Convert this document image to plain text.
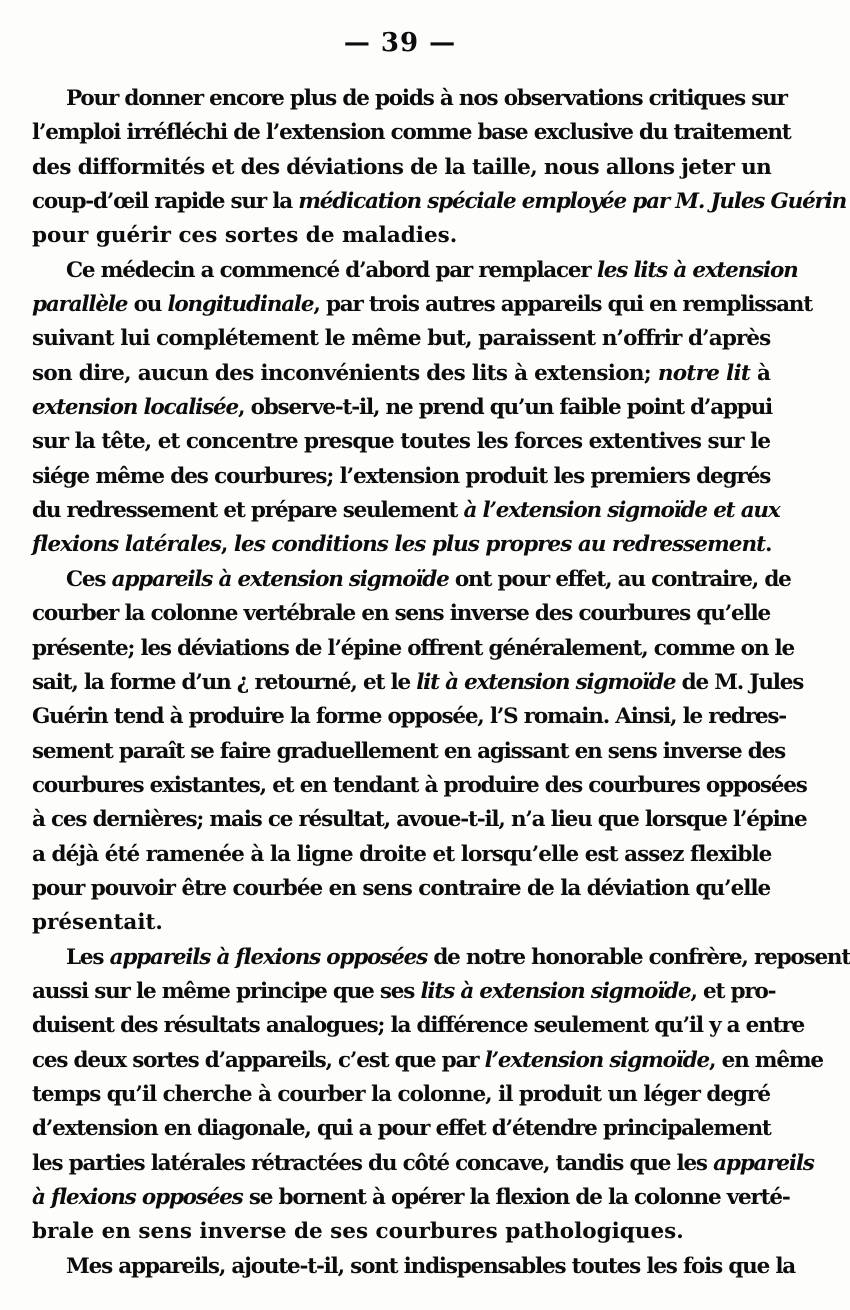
— 39 —
Pour donner encore plus de poids à nos observations critiques sur
l’emploi irréfléchi de l’extension comme base exclusive du traitement
des difformités et des déviations de la taille, nous allons jeter un
coup-d’œil rapide sur la médication spéciale employée par M. Jules Guérin
pour guérir ces sortes de maladies.
Ce médecin a commencé d’abord par remplacer les lits à extension
parallèle ou longitudinale, par trois autres appareils qui en remplissant
suivant lui complétement le même but, paraissent n’offrir d’après
son dire, aucun des inconvénients des lits à extension; notre lit à
extension localisée, observe-t-il, ne prend qu’un faible point d’appui
sur la tête, et concentre presque toutes les forces extentives sur le
siége même des courbures; l’extension produit les premiers degrés
du redressement et prépare seulement à l’extension sigmoïde et aux
flexions latérales, les conditions les plus propres au redressement.
Ces appareils à extension sigmoïde ont pour effet, au contraire, de
courber la colonne vertébrale en sens inverse des courbures qu’elle
présente; les déviations de l’épine offrent généralement, comme on le
sait, la forme d’un ¿ retourné, et le lit à extension sigmoïde de M. Jules
Guérin tend à produire la forme opposée, l’S romain. Ainsi, le redres-
sement paraît se faire graduellement en agissant en sens inverse des
courbures existantes, et en tendant à produire des courbures opposées
à ces dernières; mais ce résultat, avoue-t-il, n’a lieu que lorsque l’épine
a déjà été ramenée à la ligne droite et lorsqu’elle est assez flexible
pour pouvoir être courbée en sens contraire de la déviation qu’elle
présentait.
Les appareils à flexions opposées de notre honorable confrère, reposent
aussi sur le même principe que ses lits à extension sigmoïde, et pro-
duisent des résultats analogues; la différence seulement qu’il y a entre
ces deux sortes d’appareils, c’est que par l’extension sigmoïde, en même
temps qu’il cherche à courber la colonne, il produit un léger degré
d’extension en diagonale, qui a pour effet d’étendre principalement
les parties latérales rétractées du côté concave, tandis que les appareils
à flexions opposées se bornent à opérer la flexion de la colonne verté-
brale en sens inverse de ses courbures pathologiques.
Mes appareils, ajoute-t-il, sont indispensables toutes les fois que la
